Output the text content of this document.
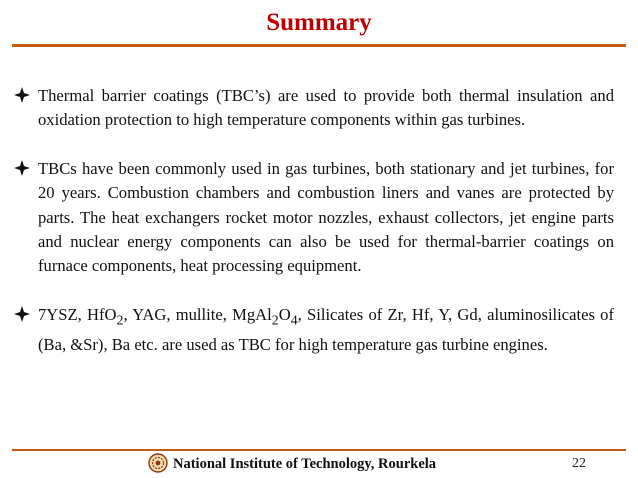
Summary
Thermal barrier coatings (TBC’s) are used to provide both thermal insulation and oxidation protection to high temperature components within gas turbines.
TBCs have been commonly used in gas turbines, both stationary and jet turbines, for 20 years. Combustion chambers and combustion liners and vanes are protected by parts. The heat exchangers rocket motor nozzles, exhaust collectors, jet engine parts and nuclear energy components can also be used for thermal-barrier coatings on furnace components, heat processing equipment.
7YSZ, HfO$_2$, YAG, mullite, $MgAl_2O_4$, Silicates of Zr, Hf, Y, Gd, aluminosilicates of (Ba, &Sr), Ba etc. are used as TBC for high temperature gas turbine engines.
National Institute of Technology, Rourkela	22
